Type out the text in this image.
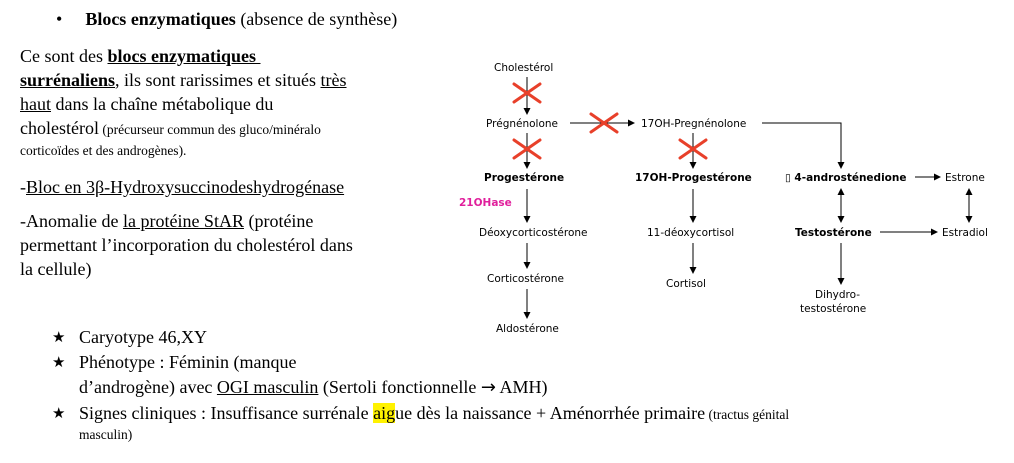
• Blocs enzymatiques (absence de synthèse)
Ce sont des blocs enzymatiques
surrénaliens, ils sont rarissimes et situés très
haut dans la chaîne métabolique du
cholestérol (précurseur commun des gluco/minéralo
corticoïdes et des androgènes).
-Bloc en 3β-Hydroxysuccinodeshydrogénase
-Anomalie de la protéine StAR (protéine
permettant l’incorporation du cholestérol dans
la cellule)
Cholestérol
Prégnénolone	17OH-Pregnénolone
Progestérone	17OH-Progestérone	▯ 4-androsténedione	Estrone
21OHase
Déoxycorticostérone	11-déoxycortisol	Testostérone	Estradiol
Corticostérone	Cortisol
Dihydro-
testostérone
Aldostérone
★ Caryotype 46,XY
★ Phénotype : Féminin (manque
d’androgène) avec OGI masculin (Sertoli fonctionnelle → AMH)
★ Signes cliniques : Insuffisance surrénale aigue dès la naissance + Aménorrhée primaire (tractus génital
masculin)
